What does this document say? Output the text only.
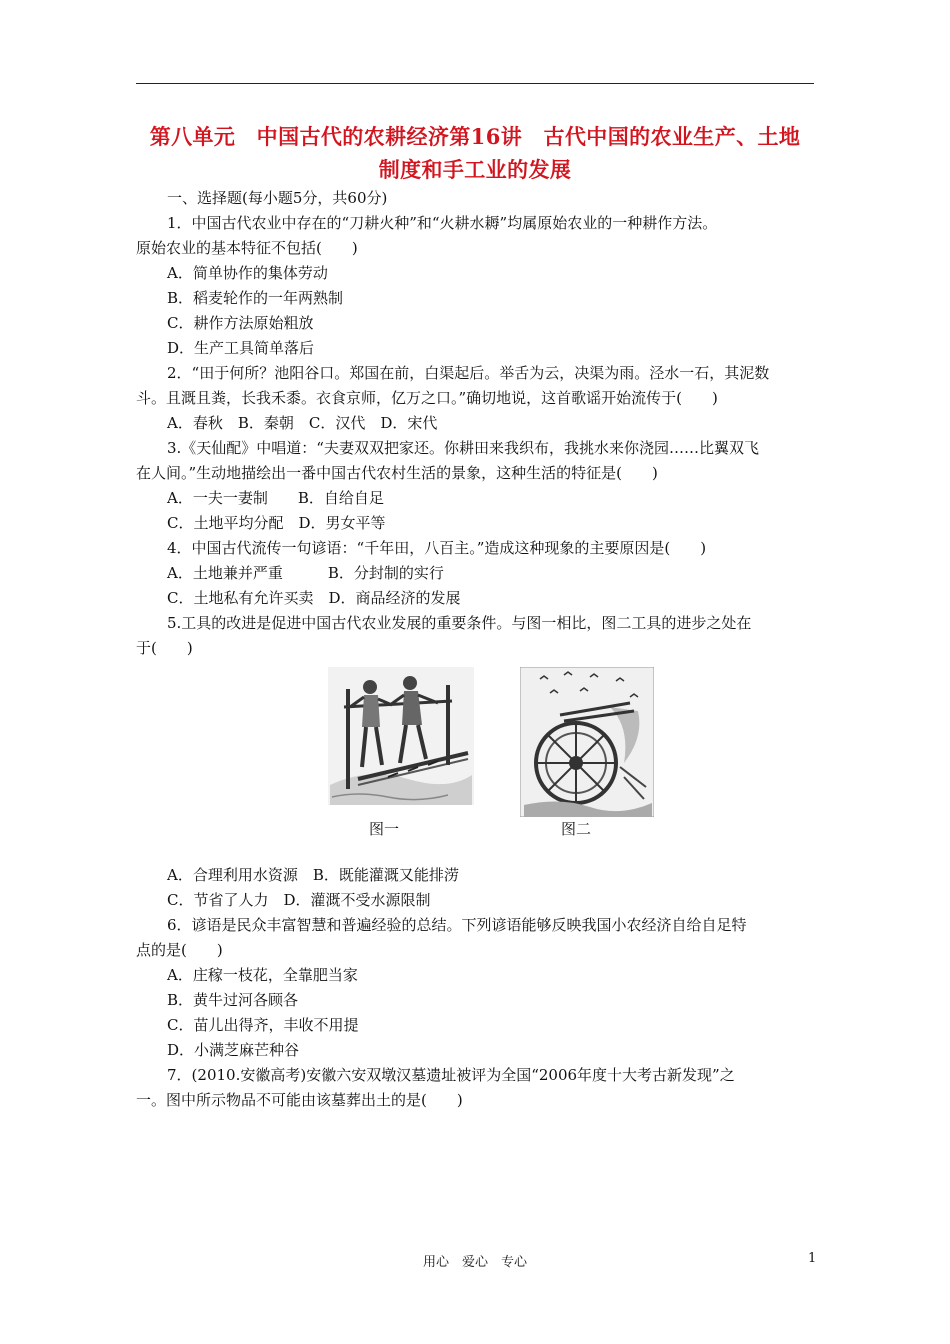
第八单元　中国古代的农耕经济第16讲　古代中国的农业生产、土地
制度和手工业的发展
一、选择题(每小题5分，共60分)
1．中国古代农业中存在的“刀耕火种”和“火耕水耨”均属原始农业的一种耕作方法。
原始农业的基本特征不包括(　　)
A．简单协作的集体劳动
B．稻麦轮作的一年两熟制
C．耕作方法原始粗放
D．生产工具简单落后
2．“田于何所？池阳谷口。郑国在前，白渠起后。举舌为云，决渠为雨。泾水一石，其泥数
斗。且溉且粪，长我禾黍。衣食京师，亿万之口。”确切地说，这首歌谣开始流传于(　　)
A．春秋　B．秦朝　C．汉代　D．宋代
3.《天仙配》中唱道：“夫妻双双把家还。你耕田来我织布，我挑水来你浇园……比翼双飞
在人间。”生动地描绘出一番中国古代农村生活的景象，这种生活的特征是(　　)
A．一夫一妻制　　B．自给自足
C．土地平均分配　D．男女平等
4．中国古代流传一句谚语：“千年田，八百主。”造成这种现象的主要原因是(　　)
A．土地兼并严重　　　B．分封制的实行
C．土地私有允许买卖　D．商品经济的发展
5.工具的改进是促进中国古代农业发展的重要条件。与图一相比，图二工具的进步之处在
于(　　)
图一	图二
A．合理利用水资源　B．既能灌溉又能排涝
C．节省了人力　D．灌溉不受水源限制
6．谚语是民众丰富智慧和普遍经验的总结。下列谚语能够反映我国小农经济自给自足特
点的是(　　)
A．庄稼一枝花，全靠肥当家
B．黄牛过河各顾各
C．苗儿出得齐，丰收不用提
D．小满芝麻芒种谷
7．(2010.安徽高考)安徽六安双墩汉墓遗址被评为全国“2006年度十大考古新发现”之
一。图中所示物品不可能由该墓葬出土的是(　　)
用心　爱心　专心	1
